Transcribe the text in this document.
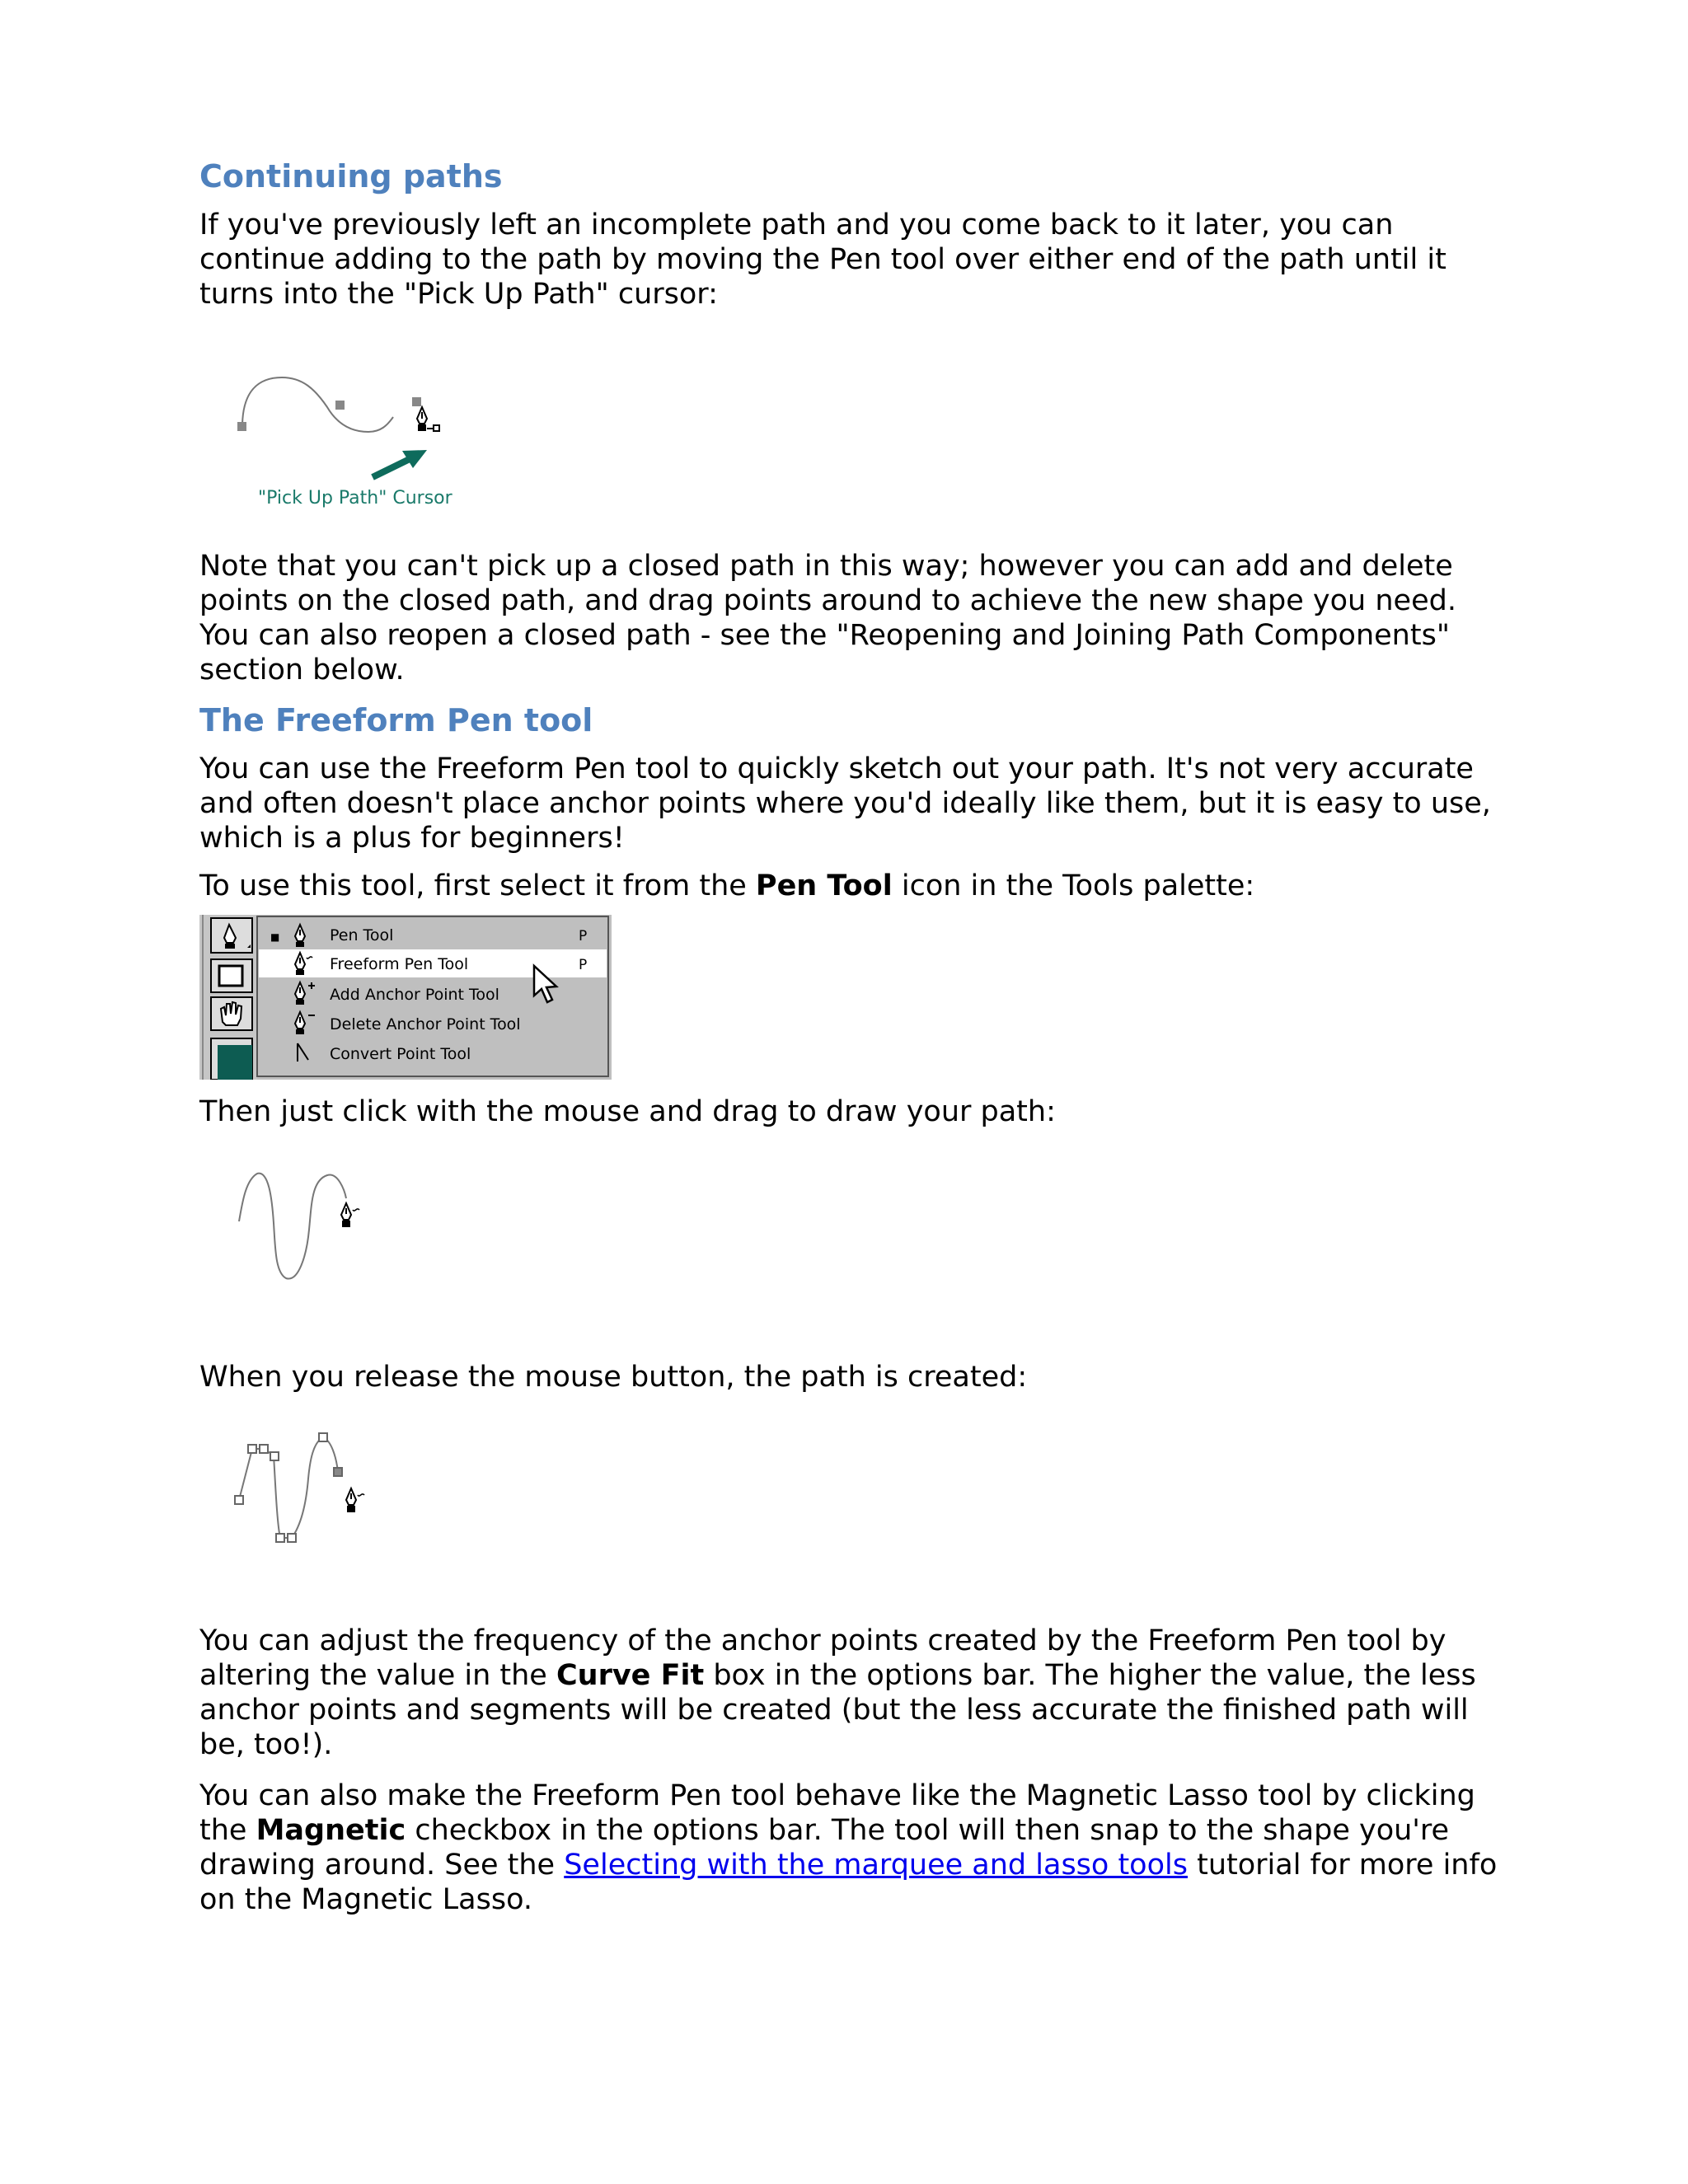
Continuing paths

If you've previously left an incomplete path and you come back to it later, you can continue adding to the path by moving the Pen tool over either end of the path until it turns into the "Pick Up Path" cursor:

"Pick Up Path" Cursor

Note that you can't pick up a closed path in this way; however you can add and delete points on the closed path, and drag points around to achieve the new shape you need. You can also reopen a closed path - see the "Reopening and Joining Path Components" section below.

The Freeform Pen tool

You can use the Freeform Pen tool to quickly sketch out your path. It's not very accurate and often doesn't place anchor points where you'd ideally like them, but it is easy to use, which is a plus for beginners!

To use this tool, first select it from the Pen Tool icon in the Tools palette:

■	Pen Tool	P
Freeform Pen Tool	P
Add Anchor Point Tool
Delete Anchor Point Tool
Convert Point Tool

Then just click with the mouse and drag to draw your path:

When you release the mouse button, the path is created:

You can adjust the frequency of the anchor points created by the Freeform Pen tool by altering the value in the Curve Fit box in the options bar. The higher the value, the less anchor points and segments will be created (but the less accurate the finished path will be, too!).

You can also make the Freeform Pen tool behave like the Magnetic Lasso tool by clicking the Magnetic checkbox in the options bar. The tool will then snap to the shape you're drawing around. See the Selecting with the marquee and lasso tools tutorial for more info on the Magnetic Lasso.
